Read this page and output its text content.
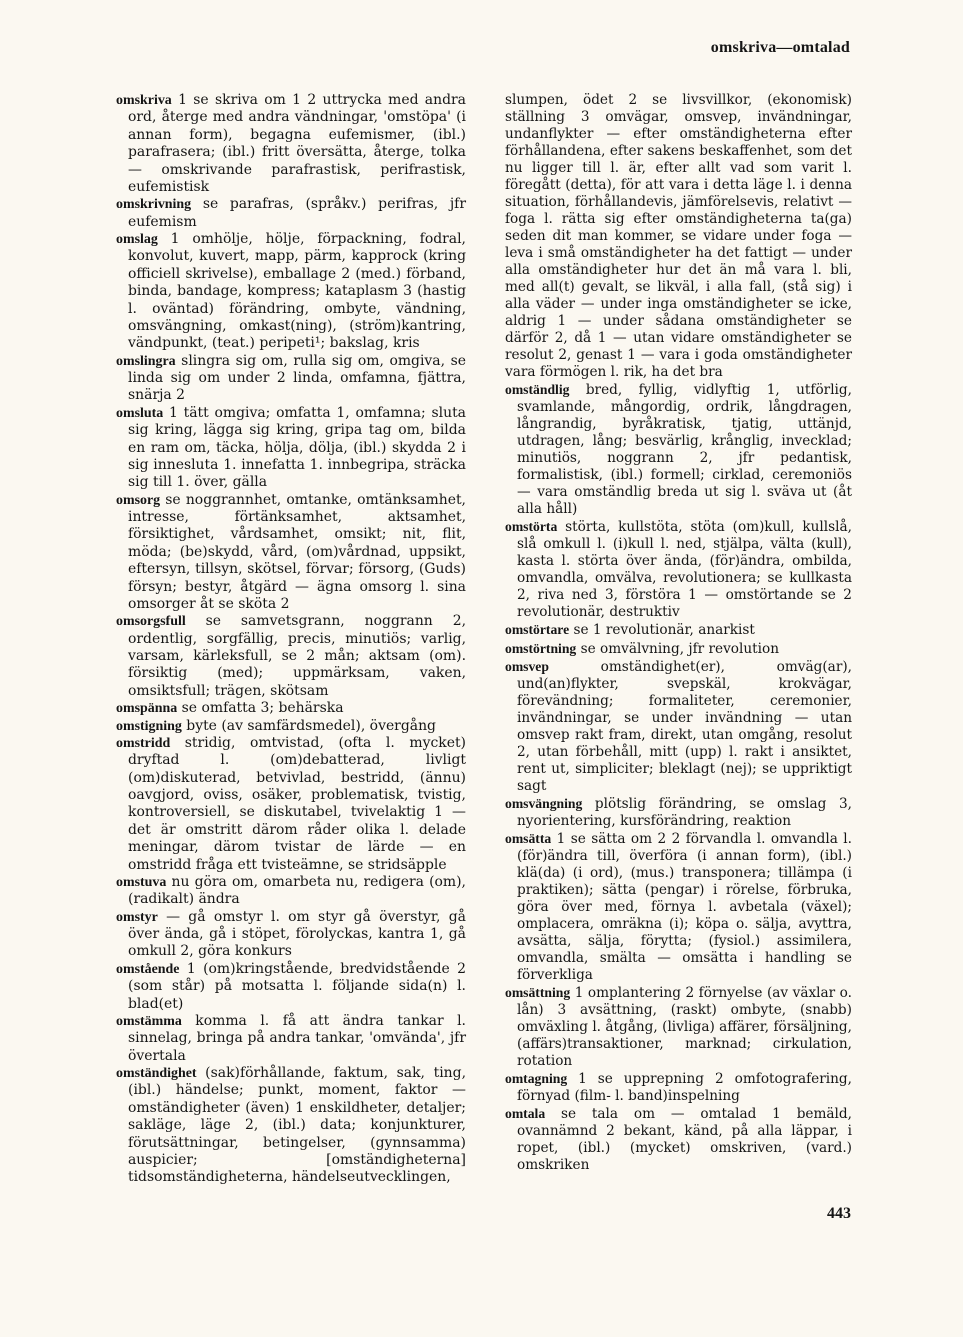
omskriva—omtalad

omskriva 1 se skriva om 1 2 uttrycka med andra ord, återge med andra vändningar, 'omstöpa' (i annan form), begagna eufemismer, (ibl.) parafrasera; (ibl.) fritt översätta, återge, tolka — omskrivande parafrastisk, perifrastisk, eufemistisk

omskrivning se parafras, (språkv.) perifras, jfr eufemism

omslag 1 omhölje, hölje, förpackning, fodral, konvolut, kuvert, mapp, pärm, kapprock (kring officiell skrivelse), emballage 2 (med.) förband, binda, bandage, kompress; kataplasm 3 (hastig l. oväntad) förändring, ombyte, vändning, omsvängning, omkast(ning), (ström)kantring, vändpunkt, (teat.) peripeti¹; bakslag, kris

omslingra slingra sig om, rulla sig om, omgiva, se linda sig om under 2 linda, omfamna, fjättra, snärja 2

omsluta 1 tätt omgiva; omfatta 1, omfamna; sluta sig kring, lägga sig kring, gripa tag om, bilda en ram om, täcka, hölja, dölja, (ibl.) skydda 2 i sig innesluta 1. innefatta 1. innbegripa, sträcka sig till 1. över, gälla

omsorg se noggrannhet, omtanke, omtänksamhet, intresse, förtänksamhet, aktsamhet, försiktighet, vårdsamhet, omsikt; nit, flit, möda; (be)skydd, vård, (om)vårdnad, uppsikt, eftersyn, tillsyn, skötsel, förvar; försorg, (Guds) försyn; bestyr, åtgärd — ägna omsorg l. sina omsorger åt se sköta 2

omsorgsfull se samvetsgrann, noggrann 2, ordentlig, sorgfällig, precis, minutiös; varlig, varsam, kärleksfull, se 2 mån; aktsam (om). försiktig (med); uppmärksam, vaken, omsiktsfull; trägen, skötsam

omspänna se omfatta 3; behärska

omstigning byte (av samfärdsmedel), övergång

omstridd stridig, omtvistad, (ofta l. mycket) dryftad l. (om)debatterad, livligt (om)diskuterad, betvivlad, bestridd, (ännu) oavgjord, oviss, osäker, problematisk, tvistig, kontroversiell, se diskutabel, tvivelaktig 1 — det är omstritt därom råder olika l. delade meningar, därom tvistar de lärde — en omstridd fråga ett tvisteämne, se stridsäpple

omstuva nu göra om, omarbeta nu, redigera (om), (radikalt) ändra

omstyr — gå omstyr l. om styr gå överstyr, gå över ända, gå i stöpet, förolyckas, kantra 1, gå omkull 2, göra konkurs

omstående 1 (om)kringstående, bredvidstående 2 (som står) på motsatta l. följande sida(n) l. blad(et)

omstämma komma l. få att ändra tankar l. sinnelag, bringa på andra tankar, 'omvända', jfr övertala

omständighet (sak)förhållande, faktum, sak, ting, (ibl.) händelse; punkt, moment, faktor — omständigheter (även) 1 enskildheter, detaljer; sakläge, läge 2, (ibl.) data; konjunkturer, förutsättningar, betingelser, (gynnsamma) auspicier; [omständigheterna] tidsomständigheterna, händelseutvecklingen,

slumpen, ödet 2 se livsvillkor, (ekonomisk) ställning 3 omvägar, omsvep, invändningar, undanflykter — efter omständigheterna efter förhållandena, efter sakens beskaffenhet, som det nu ligger till l. är, efter allt vad som varit l. föregått (detta), för att vara i detta läge l. i denna situation, förhållandevis, jämförelsevis, relativt — foga l. rätta sig efter omständigheterna ta(ga) seden dit man kommer, se vidare under foga — leva i små omständigheter ha det fattigt — under alla omständigheter hur det än må vara l. bli, med all(t) gevalt, se likväl, i alla fall, (stå sig) i alla väder — under inga omständigheter se icke, aldrig 1 — under sådana omständigheter se därför 2, då 1 — utan vidare omständigheter se resolut 2, genast 1 — vara i goda omständigheter vara förmögen l. rik, ha det bra

omständlig bred, fyllig, vidlyftig 1, utförlig, svamlande, mångordig, ordrik, långdragen, långrandig, byråkratisk, tjatig, uttänjd, utdragen, lång; besvärlig, krånglig, invecklad; minutiös, noggrann 2, jfr pedantisk, formalistisk, (ibl.) formell; cirklad, ceremoniös — vara omständlig breda ut sig l. sväva ut (åt alla håll)

omstörta störta, kullstöta, stöta (om)kull, kullslå, slå omkull l. (i)kull l. ned, stjälpa, välta (kull), kasta l. störta över ända, (för)ändra, ombilda, omvandla, omvälva, revolutionera; se kullkasta 2, riva ned 3, förstöra 1 — omstörtande se 2 revolutionär, destruktiv

omstörtare se 1 revolutionär, anarkist

omstörtning se omvälvning, jfr revolution

omsvep omständighet(er), omväg(ar), und(an)flykter, svepskäl, krokvägar, förevändning; formaliteter, ceremonier, invändningar, se under invändning — utan omsvep rakt fram, direkt, utan omgång, resolut 2, utan förbehåll, mitt (upp) l. rakt i ansiktet, rent ut, simpliciter; bleklagt (nej); se uppriktigt sagt

omsvängning plötslig förändring, se omslag 3, nyorientering, kursförändring, reaktion

omsätta 1 se sätta om 2 2 förvandla l. omvandla l. (för)ändra till, överföra (i annan form), (ibl.) klä(da) (i ord), (mus.) transponera; tillämpa (i praktiken); sätta (pengar) i rörelse, förbruka, göra över med, förnya l. avbetala (växel); omplacera, omräkna (i); köpa o. sälja, avyttra, avsätta, sälja, förytta; (fysiol.) assimilera, omvandla, smälta — omsätta i handling se förverkliga

omsättning 1 omplantering 2 förnyelse (av växlar o. lån) 3 avsättning, (raskt) ombyte, (snabb) omväxling l. åtgång, (livliga) affärer, försäljning, (affärs)transaktioner, marknad; cirkulation, rotation

omtagning 1 se upprepning 2 omfotografering, förnyad (film- l. band)inspelning

omtala se tala om — omtalad 1 bemäld, ovannämnd 2 bekant, känd, på alla läppar, i ropet, (ibl.) (mycket) omskriven, (vard.) omskriken

443
